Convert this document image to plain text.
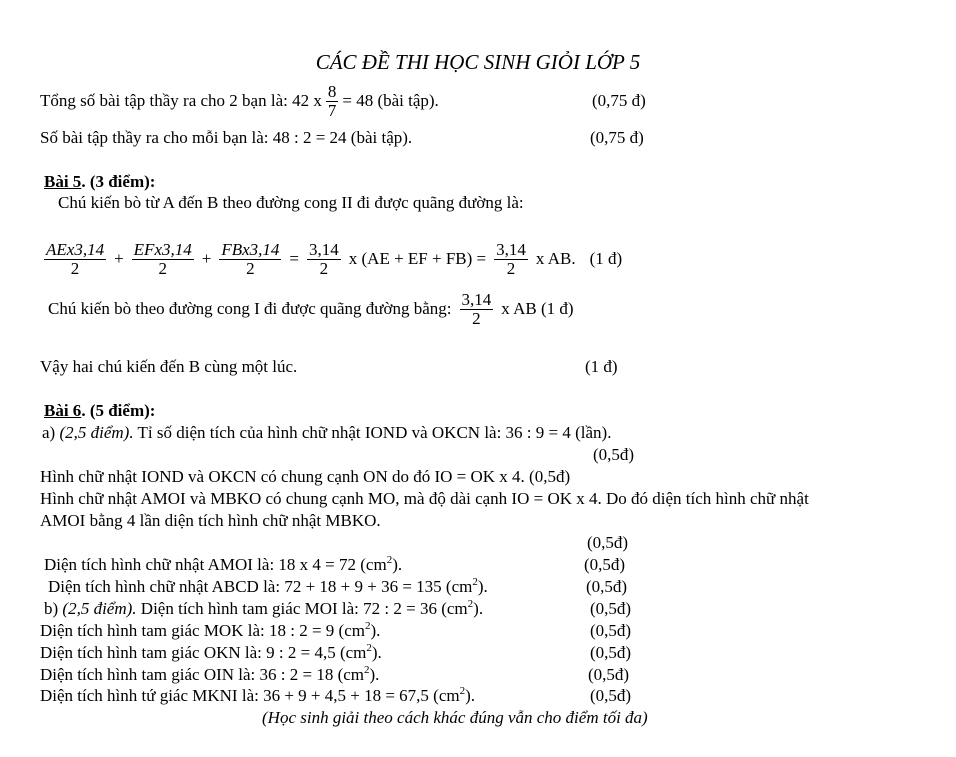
CÁC ĐỀ THI HỌC SINH GIỎI LỚP 5
Tổng số bài tập thầy ra cho 2 bạn là: 42 x $\frac{8}{7} = 48$ (bài tập).	(0,75 đ)
Số bài tập thầy ra cho mỗi bạn là: 48 : 2 = 24 (bài tập).	(0,75 đ)
Bài 5. (3 điểm):
Chú kiến bò từ A đến B theo đường cong II đi được quãng đường là:
$\frac{\text{AEx3,14}}{2} + \frac{\text{EFx3,14}}{2} + \frac{\text{FBx3,14}}{2} = \frac{3,14}{2}$ x (AE + EF + $FB) = \frac{3,14}{2}$ x AB. (1 đ)
Chú kiến bò theo đường cong I đi được quãng đường bằng: $\frac{3,14}{2}$ x AB (1 đ)
Vậy hai chú kiến đến B cùng một lúc.	(1 đ)
Bài 6. (5 điểm):
a) (2,5 điểm). Tỉ số diện tích của hình chữ nhật IOND và OKCN là: 36 : 9 = 4 (lần).
(0,5đ)
Hình chữ nhật IOND và OKCN có chung cạnh ON do đó IO = OK x 4. (0,5đ)
Hình chữ nhật AMOI và MBKO có chung cạnh MO, mà độ dài cạnh IO = OK x 4. Do đó diện tích hình chữ nhật
AMOI bằng 4 lần diện tích hình chữ nhật MBKO.
(0,5đ)
Diện tích hình chữ nhật AMOI là: 18 x 4 = 72 $(cm^2)$.	(0,5đ)
Diện tích hình chữ nhật ABCD là: 72 + 18 + 9 + 36 = 135 $(cm^2)$.	(0,5đ)
b) (2,5 điểm). Diện tích hình tam giác MOI là: 72 : 2 = 36 $(cm^2)$.	(0,5đ)
Diện tích hình tam giác MOK là: 18 : 2 = 9 $(cm^2)$.	(0,5đ)
Diện tích hình tam giác OKN là: 9 : 2 = 4,5 $(cm^2)$.	(0,5đ)
Diện tích hình tam giác OIN là: 36 : 2 = 18 $(cm^2)$.	(0,5đ)
Diện tích hình tứ giác MKNI là: 36 + 9 + 4,5 + 18 = 67,5 $(cm^2)$.	(0,5đ)
(Học sinh giải theo cách khác đúng vẫn cho điểm tối đa)
